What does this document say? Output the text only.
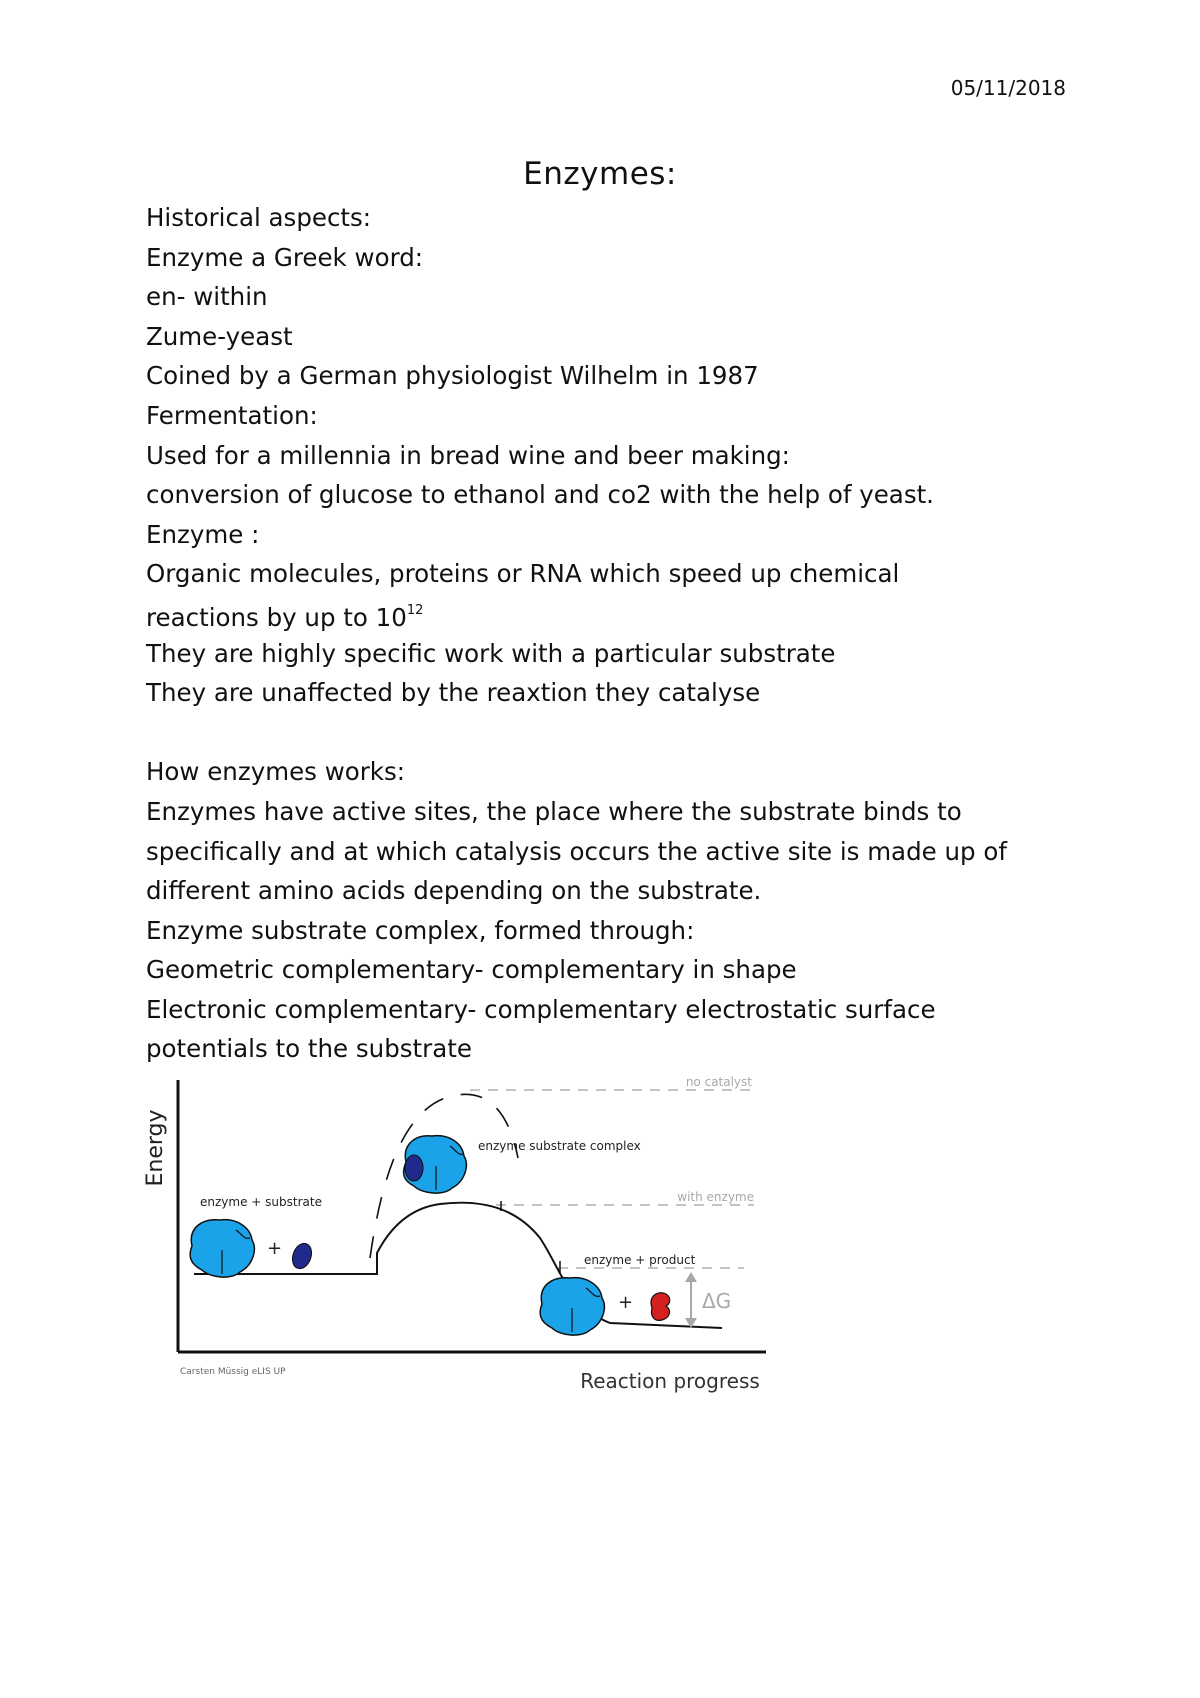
05/11/2018
Enzymes:
Historical aspects:
Enzyme a Greek word:
en- within
Zume-yeast
Coined by a German physiologist Wilhelm in 1987
Fermentation:
Used for a millennia in bread wine and beer making:
conversion of glucose to ethanol and co2 with the help of yeast.
Enzyme :
Organic molecules, proteins or RNA which speed up chemical
reactions by up to $10^{12}$
They are highly specific work with a particular substrate
They are unaffected by the reaxtion they catalyse
How enzymes works:
Enzymes have active sites, the place where the substrate binds to
specifically and at which catalysis occurs the active site is made up of
different amino acids depending on the substrate.
Enzyme substrate complex, formed through:
Geometric complementary- complementary in shape
Electronic complementary- complementary electrostatic surface
potentials to the substrate
Energy
Reaction progress
Carsten Müssig eLIS UP
no catalyst
with enzyme
enzyme + substrate
enzyme substrate complex
enzyme + product
+
+	ΔG
